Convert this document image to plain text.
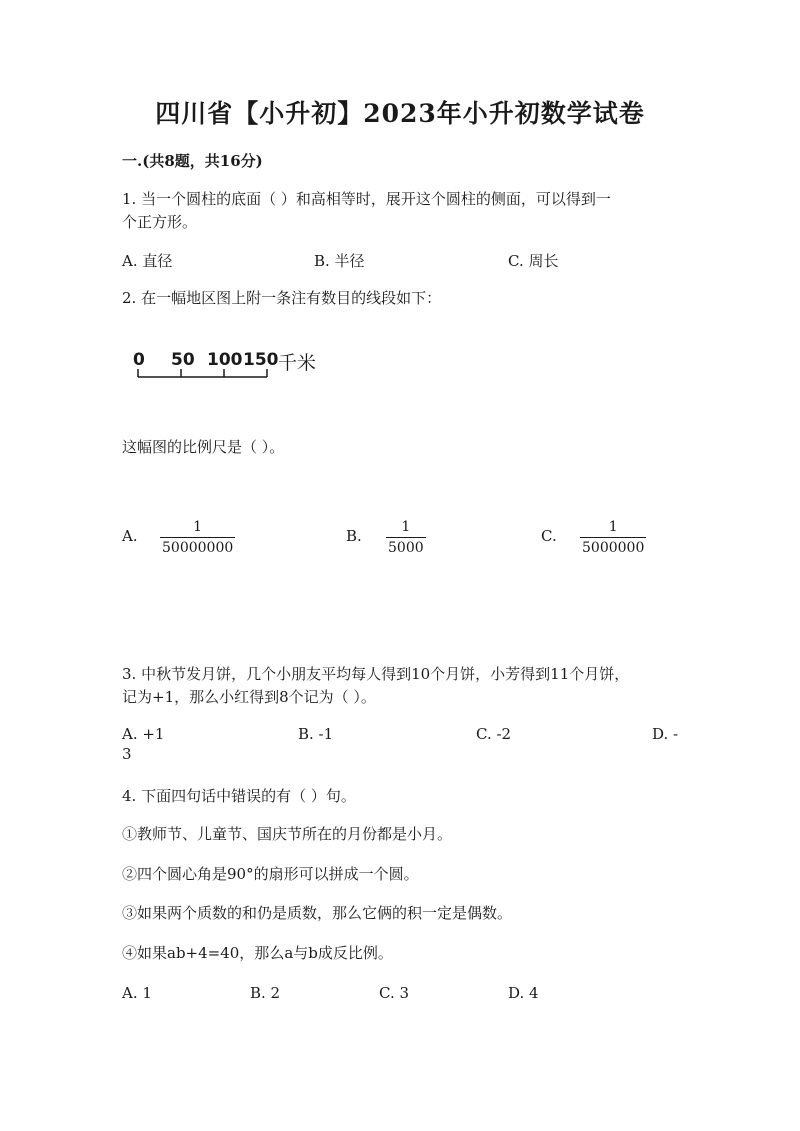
四川省【小升初】2023年小升初数学试卷
一.(共8题，共16分)
1. 当一个圆柱的底面（ ）和高相等时，展开这个圆柱的侧面，可以得到一
个正方形。
A. 直径	B. 半径	C. 周长
2. 在一幅地区图上附一条注有数目的线段如下：
0 50 100 150 千米
这幅图的比例尺是（ ）。
A. $\frac{1}{50000000}$	B. $\frac{1}{5000}$	C. $\frac{1}{5000000}$
3. 中秋节发月饼，几个小朋友平均每人得到10个月饼，小芳得到11个月饼，
记为+1，那么小红得到8个记为（ ）。
A. +1	B. -1	C. -2	D. -
3
4. 下面四句话中错误的有（ ）句。
①教师节、儿童节、国庆节所在的月份都是小月。
②四个圆心角是90°的扇形可以拼成一个圆。
③如果两个质数的和仍是质数，那么它俩的积一定是偶数。
④如果ab+4=40，那么a与b成反比例。
A. 1	B. 2	C. 3	D. 4
